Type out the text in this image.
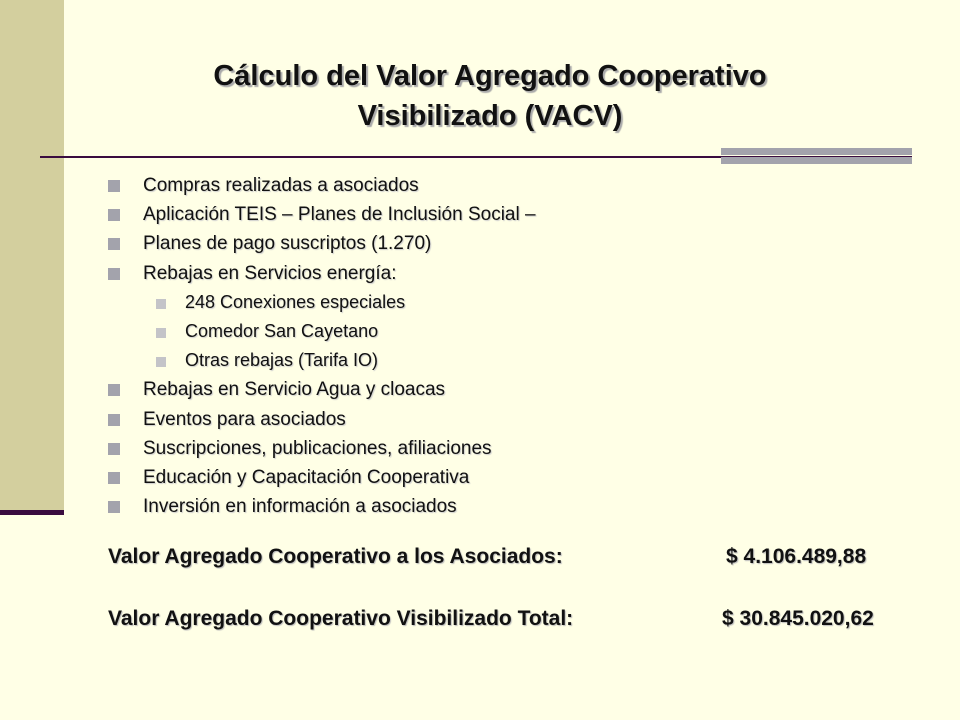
Cálculo del Valor Agregado Cooperativo
Visibilizado (VACV)
Compras realizadas a asociados
Aplicación TEIS – Planes de Inclusión Social –
Planes de pago suscriptos (1.270)
Rebajas en Servicios energía:
248 Conexiones especiales
Comedor San Cayetano
Otras rebajas (Tarifa IO)
Rebajas en Servicio Agua y cloacas
Eventos para asociados
Suscripciones, publicaciones, afiliaciones
Educación y Capacitación Cooperativa
Inversión en información a asociados
Valor Agregado Cooperativo a los Asociados:	$ 4.106.489,88
Valor Agregado Cooperativo Visibilizado Total:	$ 30.845.020,62
